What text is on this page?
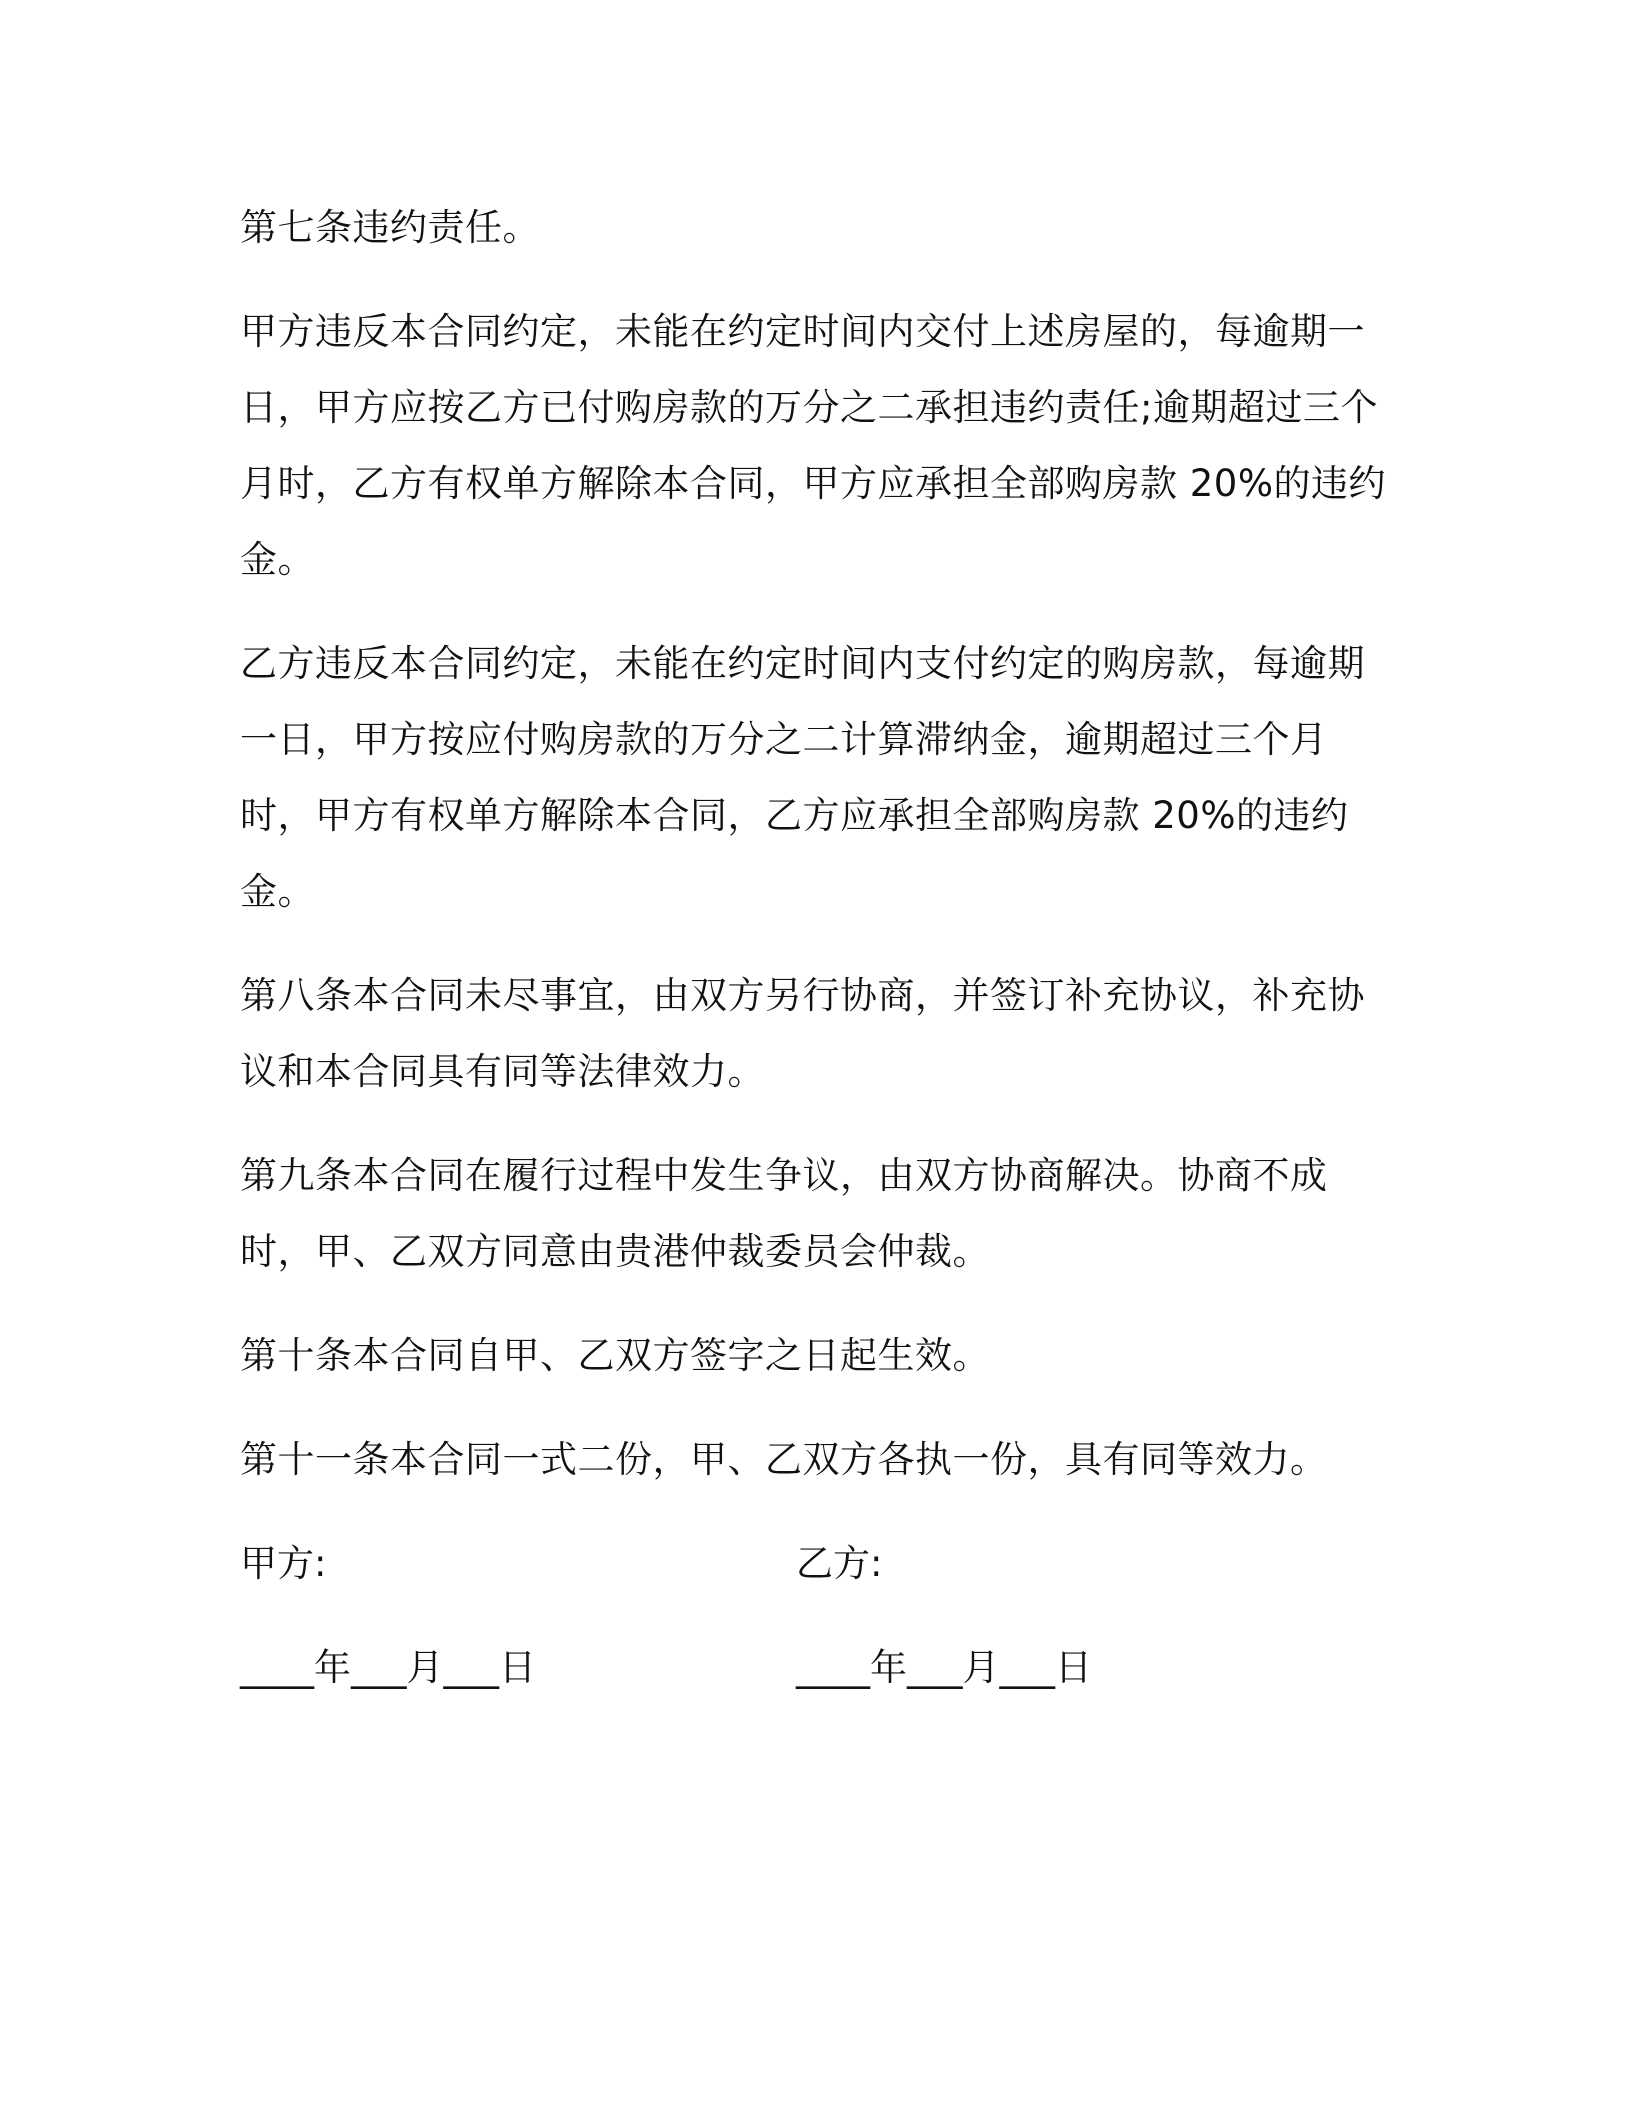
第七条违约责任。

甲方违反本合同约定，未能在约定时间内交付上述房屋的，每逾期一日，甲方应按乙方已付购房款的万分之二承担违约责任;逾期超过三个月时，乙方有权单方解除本合同，甲方应承担全部购房款 20%的违约金。

乙方违反本合同约定，未能在约定时间内支付约定的购房款，每逾期一日，甲方按应付购房款的万分之二计算滞纳金，逾期超过三个月时，甲方有权单方解除本合同，乙方应承担全部购房款 20%的违约金。

第八条本合同未尽事宜，由双方另行协商，并签订补充协议，补充协议和本合同具有同等法律效力。

第九条本合同在履行过程中发生争议，由双方协商解决。协商不成时，甲、乙双方同意由贵港仲裁委员会仲裁。

第十条本合同自甲、乙双方签字之日起生效。

第十一条本合同一式二份，甲、乙双方各执一份，具有同等效力。

甲方:	乙方:
____年___月___日	____年___月___日
